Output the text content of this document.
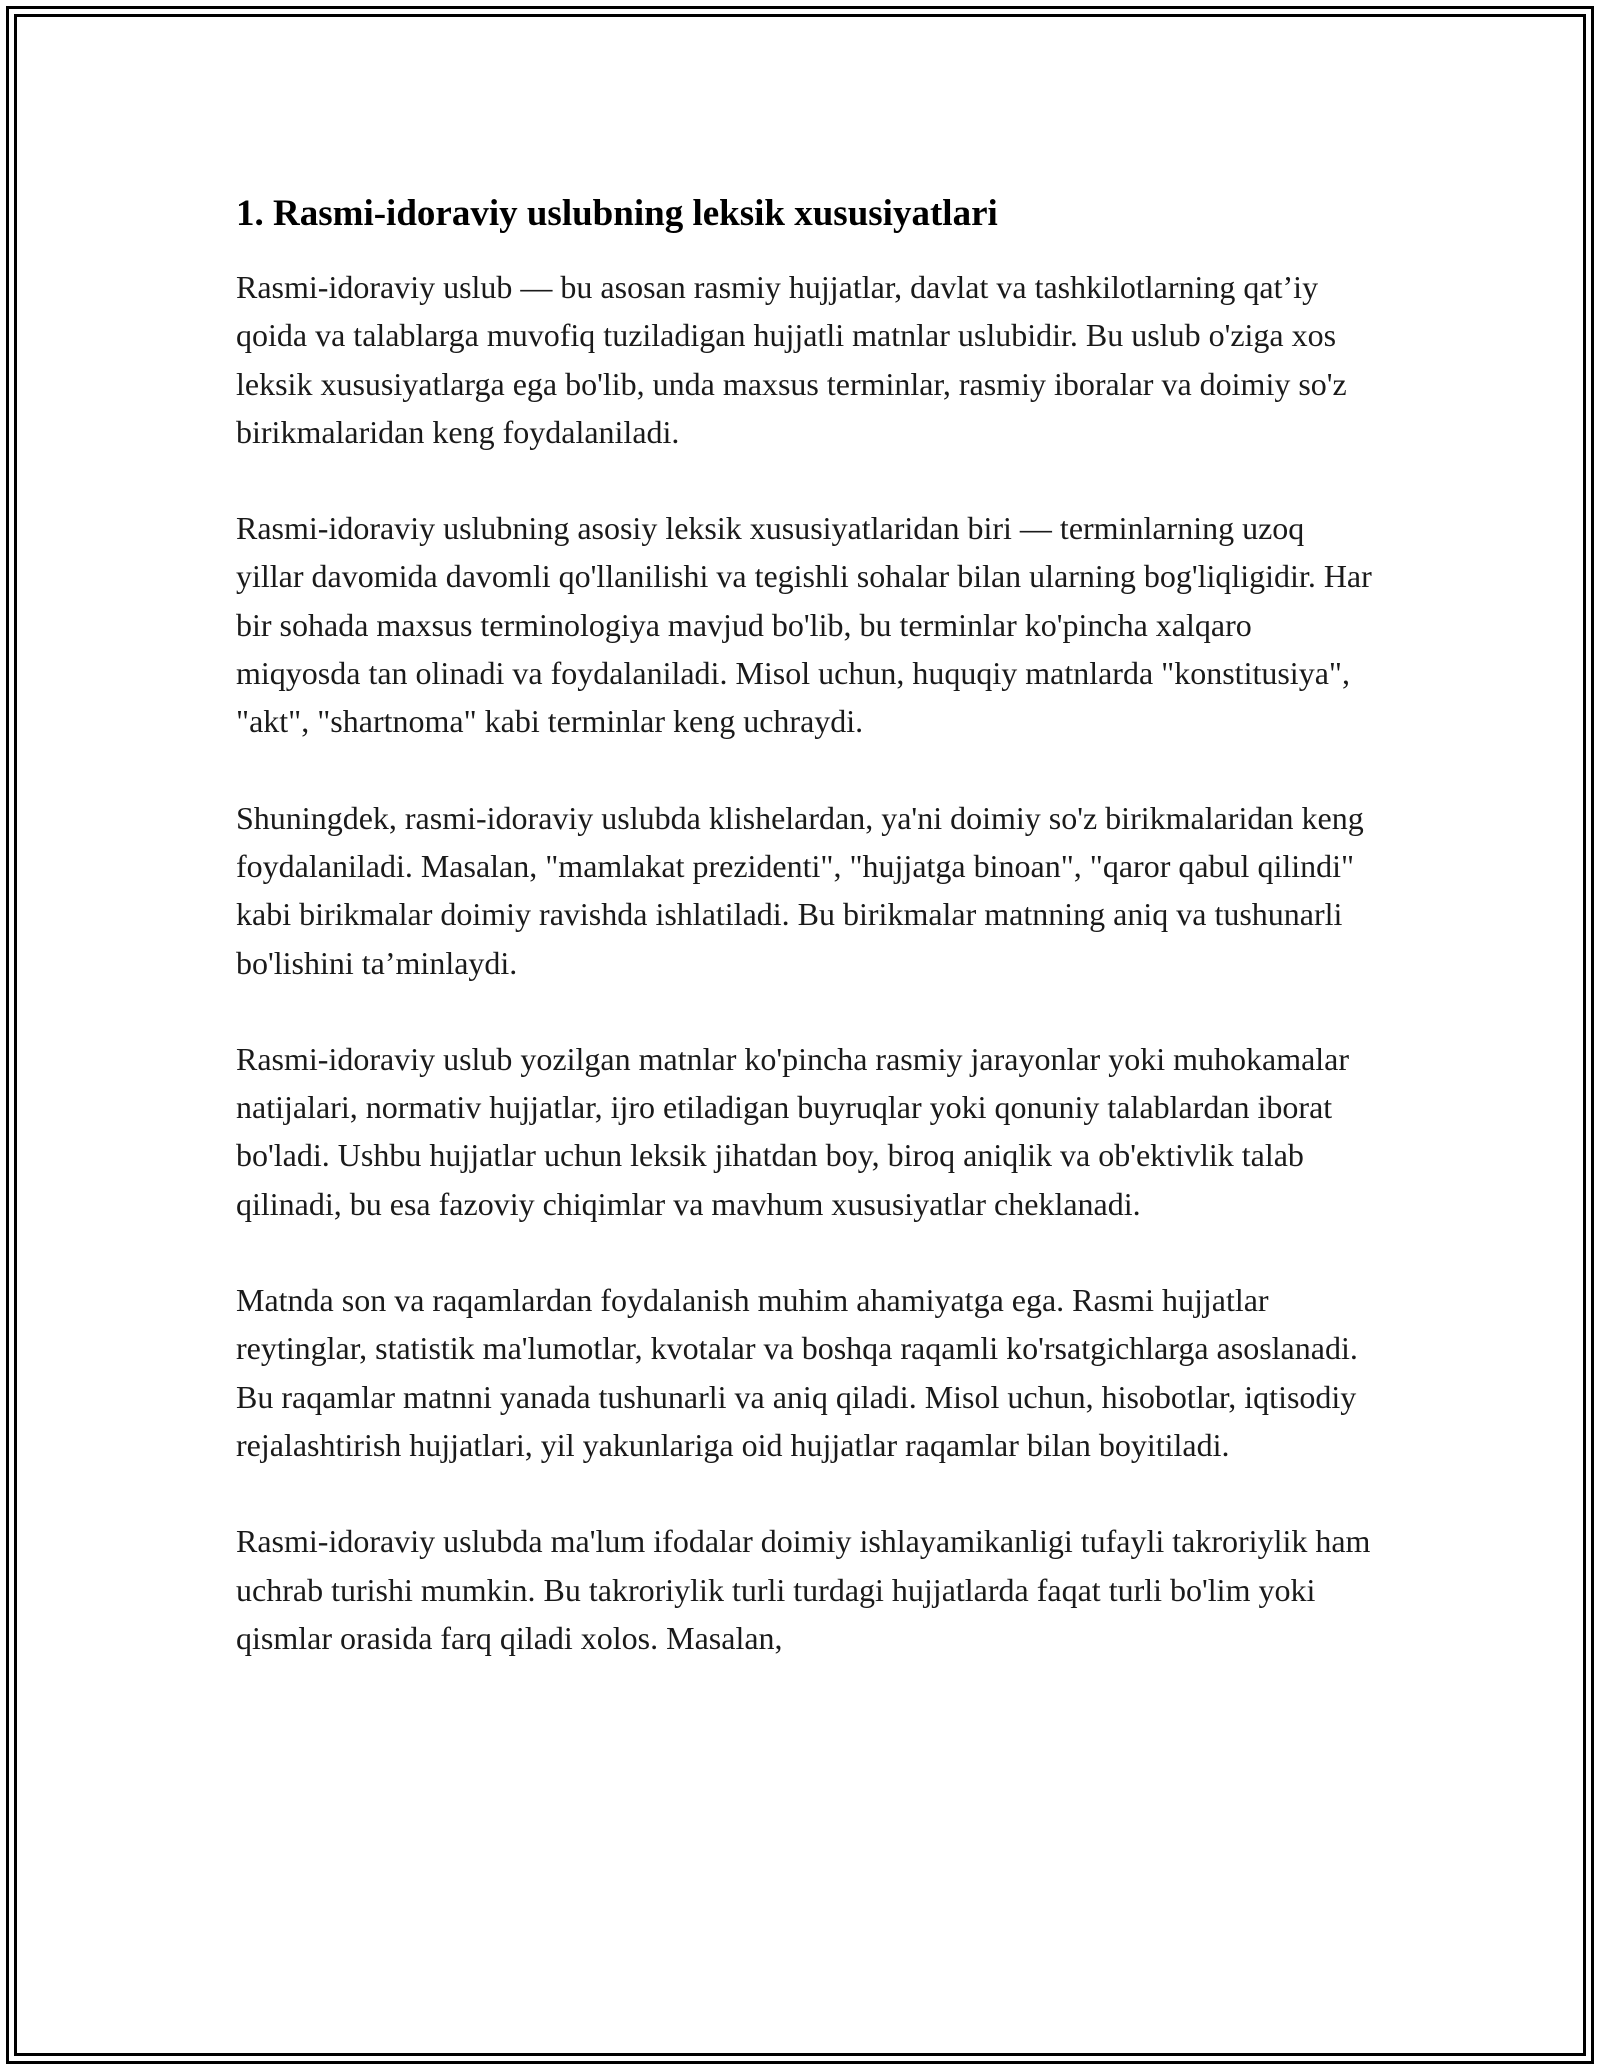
1. Rasmi-idoraviy uslubning leksik xususiyatlari

Rasmi-idoraviy uslub — bu asosan rasmiy hujjatlar, davlat va tashkilotlarning qat’iy qoida va talablarga muvofiq tuziladigan hujjatli matnlar uslubidir. Bu uslub o'ziga xos leksik xususiyatlarga ega bo'lib, unda maxsus terminlar, rasmiy iboralar va doimiy so'z birikmalaridan keng foydalaniladi.

Rasmi-idoraviy uslubning asosiy leksik xususiyatlaridan biri — terminlarning uzoq yillar davomida davomli qo'llanilishi va tegishli sohalar bilan ularning bog'liqligidir. Har bir sohada maxsus terminologiya mavjud bo'lib, bu terminlar ko'pincha xalqaro miqyosda tan olinadi va foydalaniladi. Misol uchun, huquqiy matnlarda "konstitusiya", "akt", "shartnoma" kabi terminlar keng uchraydi.

Shuningdek, rasmi-idoraviy uslubda klishelardan, ya'ni doimiy so'z birikmalaridan keng foydalaniladi. Masalan, "mamlakat prezidenti", "hujjatga binoan", "qaror qabul qilindi" kabi birikmalar doimiy ravishda ishlatiladi. Bu birikmalar matnning aniq va tushunarli bo'lishini ta’minlaydi.

Rasmi-idoraviy uslub yozilgan matnlar ko'pincha rasmiy jarayonlar yoki muhokamalar natijalari, normativ hujjatlar, ijro etiladigan buyruqlar yoki qonuniy talablardan iborat bo'ladi. Ushbu hujjatlar uchun leksik jihatdan boy, biroq aniqlik va ob'ektivlik talab qilinadi, bu esa fazoviy chiqimlar va mavhum xususiyatlar cheklanadi.

Matnda son va raqamlardan foydalanish muhim ahamiyatga ega. Rasmi hujjatlar reytinglar, statistik ma'lumotlar, kvotalar va boshqa raqamli ko'rsatgichlarga asoslanadi. Bu raqamlar matnni yanada tushunarli va aniq qiladi. Misol uchun, hisobotlar, iqtisodiy rejalashtirish hujjatlari, yil yakunlariga oid hujjatlar raqamlar bilan boyitiladi.

Rasmi-idoraviy uslubda ma'lum ifodalar doimiy ishlayamikanligi tufayli takroriylik ham uchrab turishi mumkin. Bu takroriylik turli turdagi hujjatlarda faqat turli bo'lim yoki qismlar orasida farq qiladi xolos. Masalan,
